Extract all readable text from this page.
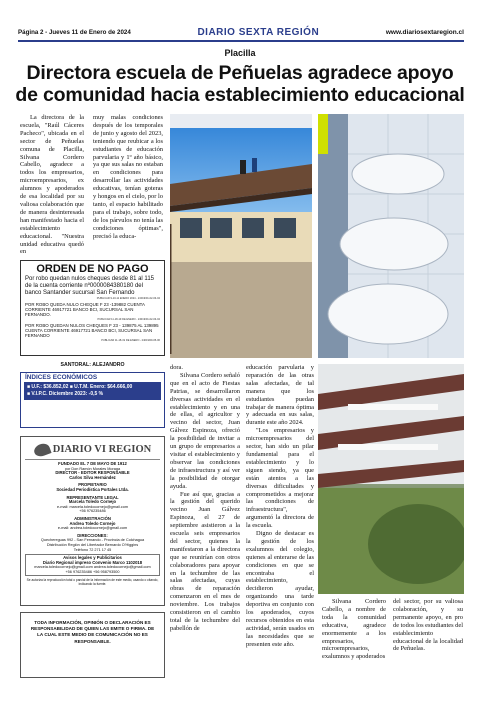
Página 2 - Jueves 11 de Enero de 2024	DIARIO SEXTA REGIÓN	www.diariosextaregion.cl
Placilla
Directora escuela de Peñuelas agradece apoyo de comunidad hacia establecimiento educacional

La directora de la escuela, "Raúl Cáceres Pacheco", ubicada en el sector de Peñuelas comuna de Placilla, Silvana Cordero Cabello, agradece a todos los empresarios, microempresarios, ex alumnos y apoderados de esa localidad por su valiosa colaboración que de manera desinteresada han manifestado hacia el establecimiento educacional. "Nuestra unidad educativa quedó en

muy malas condiciones después de los temporales de junio y agosto del 2023, teniendo que reubicar a los estudiantes de educación parvularia y 1º año básico, ya que sus salas no estaban en condiciones para desarrollar las actividades educativas, tenían goteras y hongos en el cielo, por lo tanto, el espacio habilitado para el trabajo, sobre todo, de los párvulos no tenía las condiciones óptimas", precisó la educa-

ORDEN DE NO PAGO
Por robo quedan nulos cheques desde 81 al 115 de la cuenta corriente nº0000084380180 del banco Santander sucursal San Fernando
PUBLICAR 9-10-11 ENERO 2024 - 24019/01-02-03-04
POR ROBO QUEDA NULO CHEQUE F 23 -139882 CUENTA CORRIENTE 46917721 BANCO BCI, SUCURSAL SAN FERNANDO.
PUBLICAR 11-18-19 DE ENERO - 24019/01-02-03-04
POR ROBO QUEDAN NULOS CHEQUES F 23 - 139875 AL 139895 CUENTA CORRIENTE 46917721 BANCO BCI, SUCURSAL SAN FERNANDO
PUBLICAR 11-18-19 DE ENERO - 24019/09-05-06
SANTORAL: ALEJANDRO
ÍNDICES ECONÓMICOS
■ U.F.: $36.852,02 ■ U.T.M. Enero: $64.666,00
■ V.I.P.C. Diciembre 2023: -0,5 %
DIARIO VI REGION
FUNDADO EL 7 DE MAYO DE 1912
por Don Ramón Morales Moraga
DIRECTOR - EDITOR RESPONSABLE
Carlos Silva Hernández
PROPIETARIO
Sociedad Periodística Portales Ltda.
REPRESENTANTE LEGAL
Marcela Toledo Cornejo
e-mail: marcela.toledocornejo@gmail.com
+56 976235486
ADMINISTRACIÓN
Andrea Toledo Cornejo
e-mail: andrea.toledocornejo@gmail.com
DIRECCIONES:
Quechereguas 992 - San Fernando - Provincia de Colchagua
Distribución Región del Libertador Bernardo O'Higgins
Teléfono 72 271 17 45
Avisos legales y Publicitarios
Diario Regional impreso Convenio Marco 1102018
marcela.toledocornejo@gmail.com andrea.toledocornejo@gmail.com
+56 976235486 +56 958793500
Se autoriza la reproducción total o parcial de la información de este medio, usando o citando, indicando la fuente.
TODA INFORMACIÓN, OPINIÓN O DECLARACIÓN ES RESPONSABILIDAD DE QUIEN LAS EMITE O FIRMA. DE LA CUAL ESTE MEDIO DE COMUNICACIÓN NO ES RESPONSABLE.

dora.

Silvana Cordero señaló que en el acto de Fiestas Patrias, se desarrollaron diversas actividades en el establecimiento y en una de ellas, el agricultor y vecino del sector, Juan Gálvez Espinoza, ofreció la posibilidad de invitar a un grupo de empresarios a visitar el establecimiento y observar las condiciones de infraestructura y así ver la posibilidad de otorgar ayuda.

Fue así que, gracias a la gestión del querido vecino Juan Gálvez Espinoza, el 27 de septiembre asistieron a la escuela seis empresarios del sector, quienes la manifestaron a la directora que se reunirían con otros colaboradores para apoyar en la techumbre de las salas afectadas, cuyas obras de reparación comenzaron en el mes de noviembre. Los trabajos consistieron en el cambio total de la techumbre del pabellón de

educación parvularia y reparación de las otras salas afectadas, de tal manera que los estudiantes puedan trabajar de manera óptima y adecuada en sus salas, durante este año 2024.

"Los empresarios y microempresarios del sector, han sido un pilar fundamental para el establecimiento y lo siguen siendo, ya que están atentos a las diversas dificultades y comprometidos a mejorar las condiciones de infraestructura", argumentó la directora de la escuela.

Digno de destacar es la gestión de los exalumnos del colegio, quienes al enterarse de las condiciones en que se encontraba el establecimiento, decidieron ayudar, organizando una tarde deportiva en conjunto con los apoderados, cuyos recursos obtenidos en esta actividad, serán usados en las necesidades que se presenten este año.

Silvana Cordero Cabello, a nombre de toda la comunidad educativa, agradece enormemente a los empresarios, microempresarios, exalumnos y apoderados

del sector, por su valiosa colaboración, y su permanente apoyo, en pro de todos los estudiantes del establecimiento educacional de la localidad de Peñuelas.
